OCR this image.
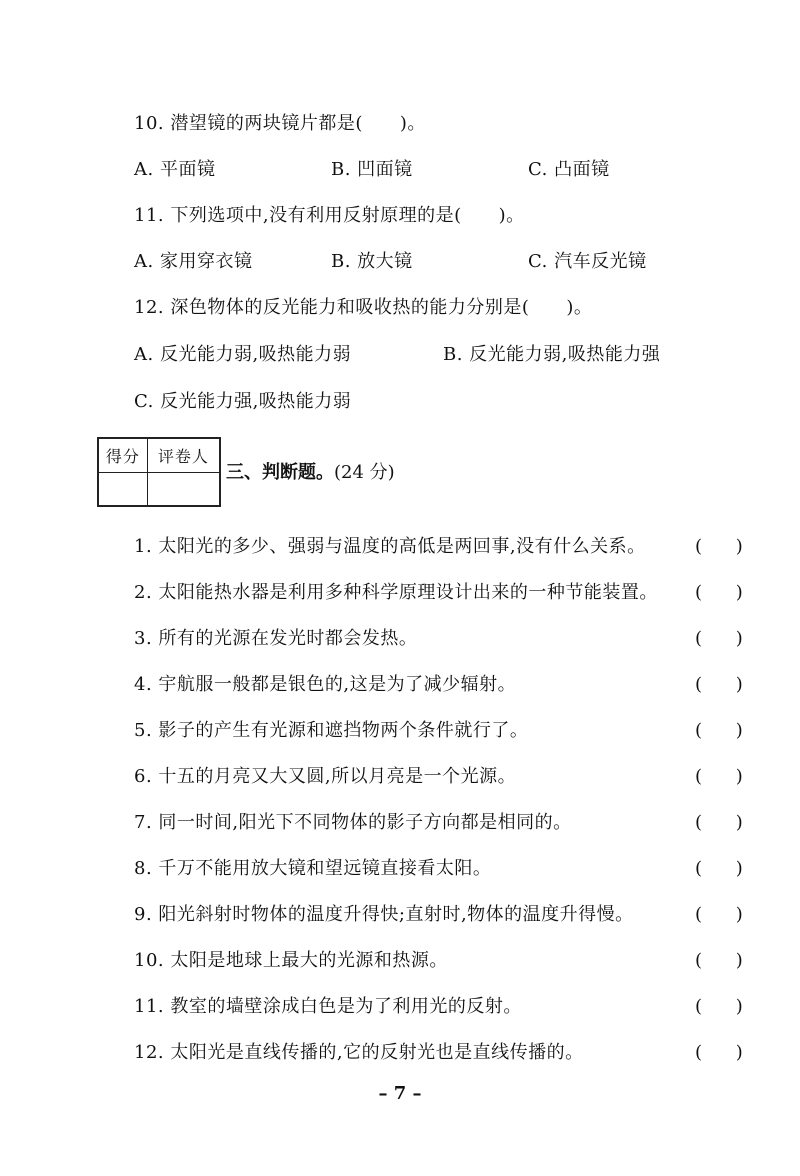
10. 潜望镜的两块镜片都是(　　)。
A. 平面镜	B. 凹面镜	C. 凸面镜
11. 下列选项中,没有利用反射原理的是(　　)。
A. 家用穿衣镜	B. 放大镜	C. 汽车反光镜
12. 深色物体的反光能力和吸收热的能力分别是(　　)。
A. 反光能力弱,吸热能力弱	B. 反光能力弱,吸热能力强
C. 反光能力强,吸热能力弱
得分	评卷人

三、判断题。(24 分)
1. 太阳光的多少、强弱与温度的高低是两回事,没有什么关系。	( )
2. 太阳能热水器是利用多种科学原理设计出来的一种节能装置。 ( )
3. 所有的光源在发光时都会发热。	( )
4. 宇航服一般都是银色的,这是为了减少辐射。	( )
5. 影子的产生有光源和遮挡物两个条件就行了。	( )
6. 十五的月亮又大又圆,所以月亮是一个光源。	( )
7. 同一时间,阳光下不同物体的影子方向都是相同的。	( )
8. 千万不能用放大镜和望远镜直接看太阳。	( )
9. 阳光斜射时物体的温度升得快;直射时,物体的温度升得慢。	( )
10. 太阳是地球上最大的光源和热源。	( )
11. 教室的墙壁涂成白色是为了利用光的反射。	( )
12. 太阳光是直线传播的,它的反射光也是直线传播的。	( )
– 7 –
